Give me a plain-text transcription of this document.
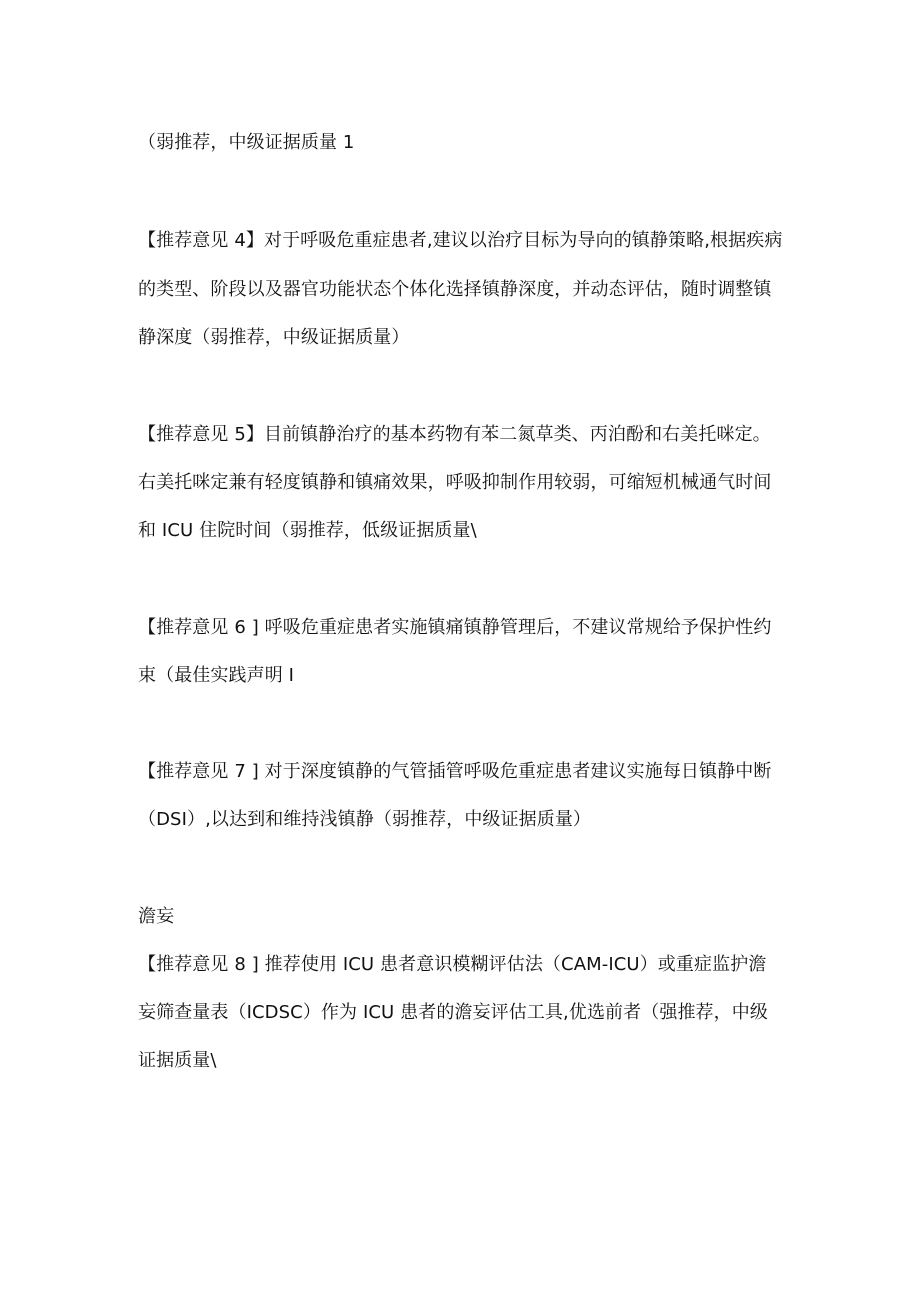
（弱推荐，中级证据质量 1
【推荐意见 4】对于呼吸危重症患者,建议以治疗目标为导向的镇静策略,根据疾病
的类型、阶段以及器官功能状态个体化选择镇静深度，并动态评估，随时调整镇
静深度（弱推荐，中级证据质量）
【推荐意见 5】目前镇静治疗的基本药物有苯二氮草类、丙泊酚和右美托咪定。
右美托咪定兼有轻度镇静和镇痛效果，呼吸抑制作用较弱，可缩短机械通气时间
和 ICU 住院时间（弱推荐，低级证据质量\
【推荐意见 6 ] 呼吸危重症患者实施镇痛镇静管理后，不建议常规给予保护性约
束（最佳实践声明 I
【推荐意见 7 ] 对于深度镇静的气管插管呼吸危重症患者建议实施每日镇静中断
（DSI）,以达到和维持浅镇静（弱推荐，中级证据质量）
澹妄
【推荐意见 8 ] 推荐使用 ICU 患者意识模糊评估法（CAM-ICU）或重症监护澹
妄筛查量表（ICDSC）作为 ICU 患者的澹妄评估工具,优选前者（强推荐，中级
证据质量\
